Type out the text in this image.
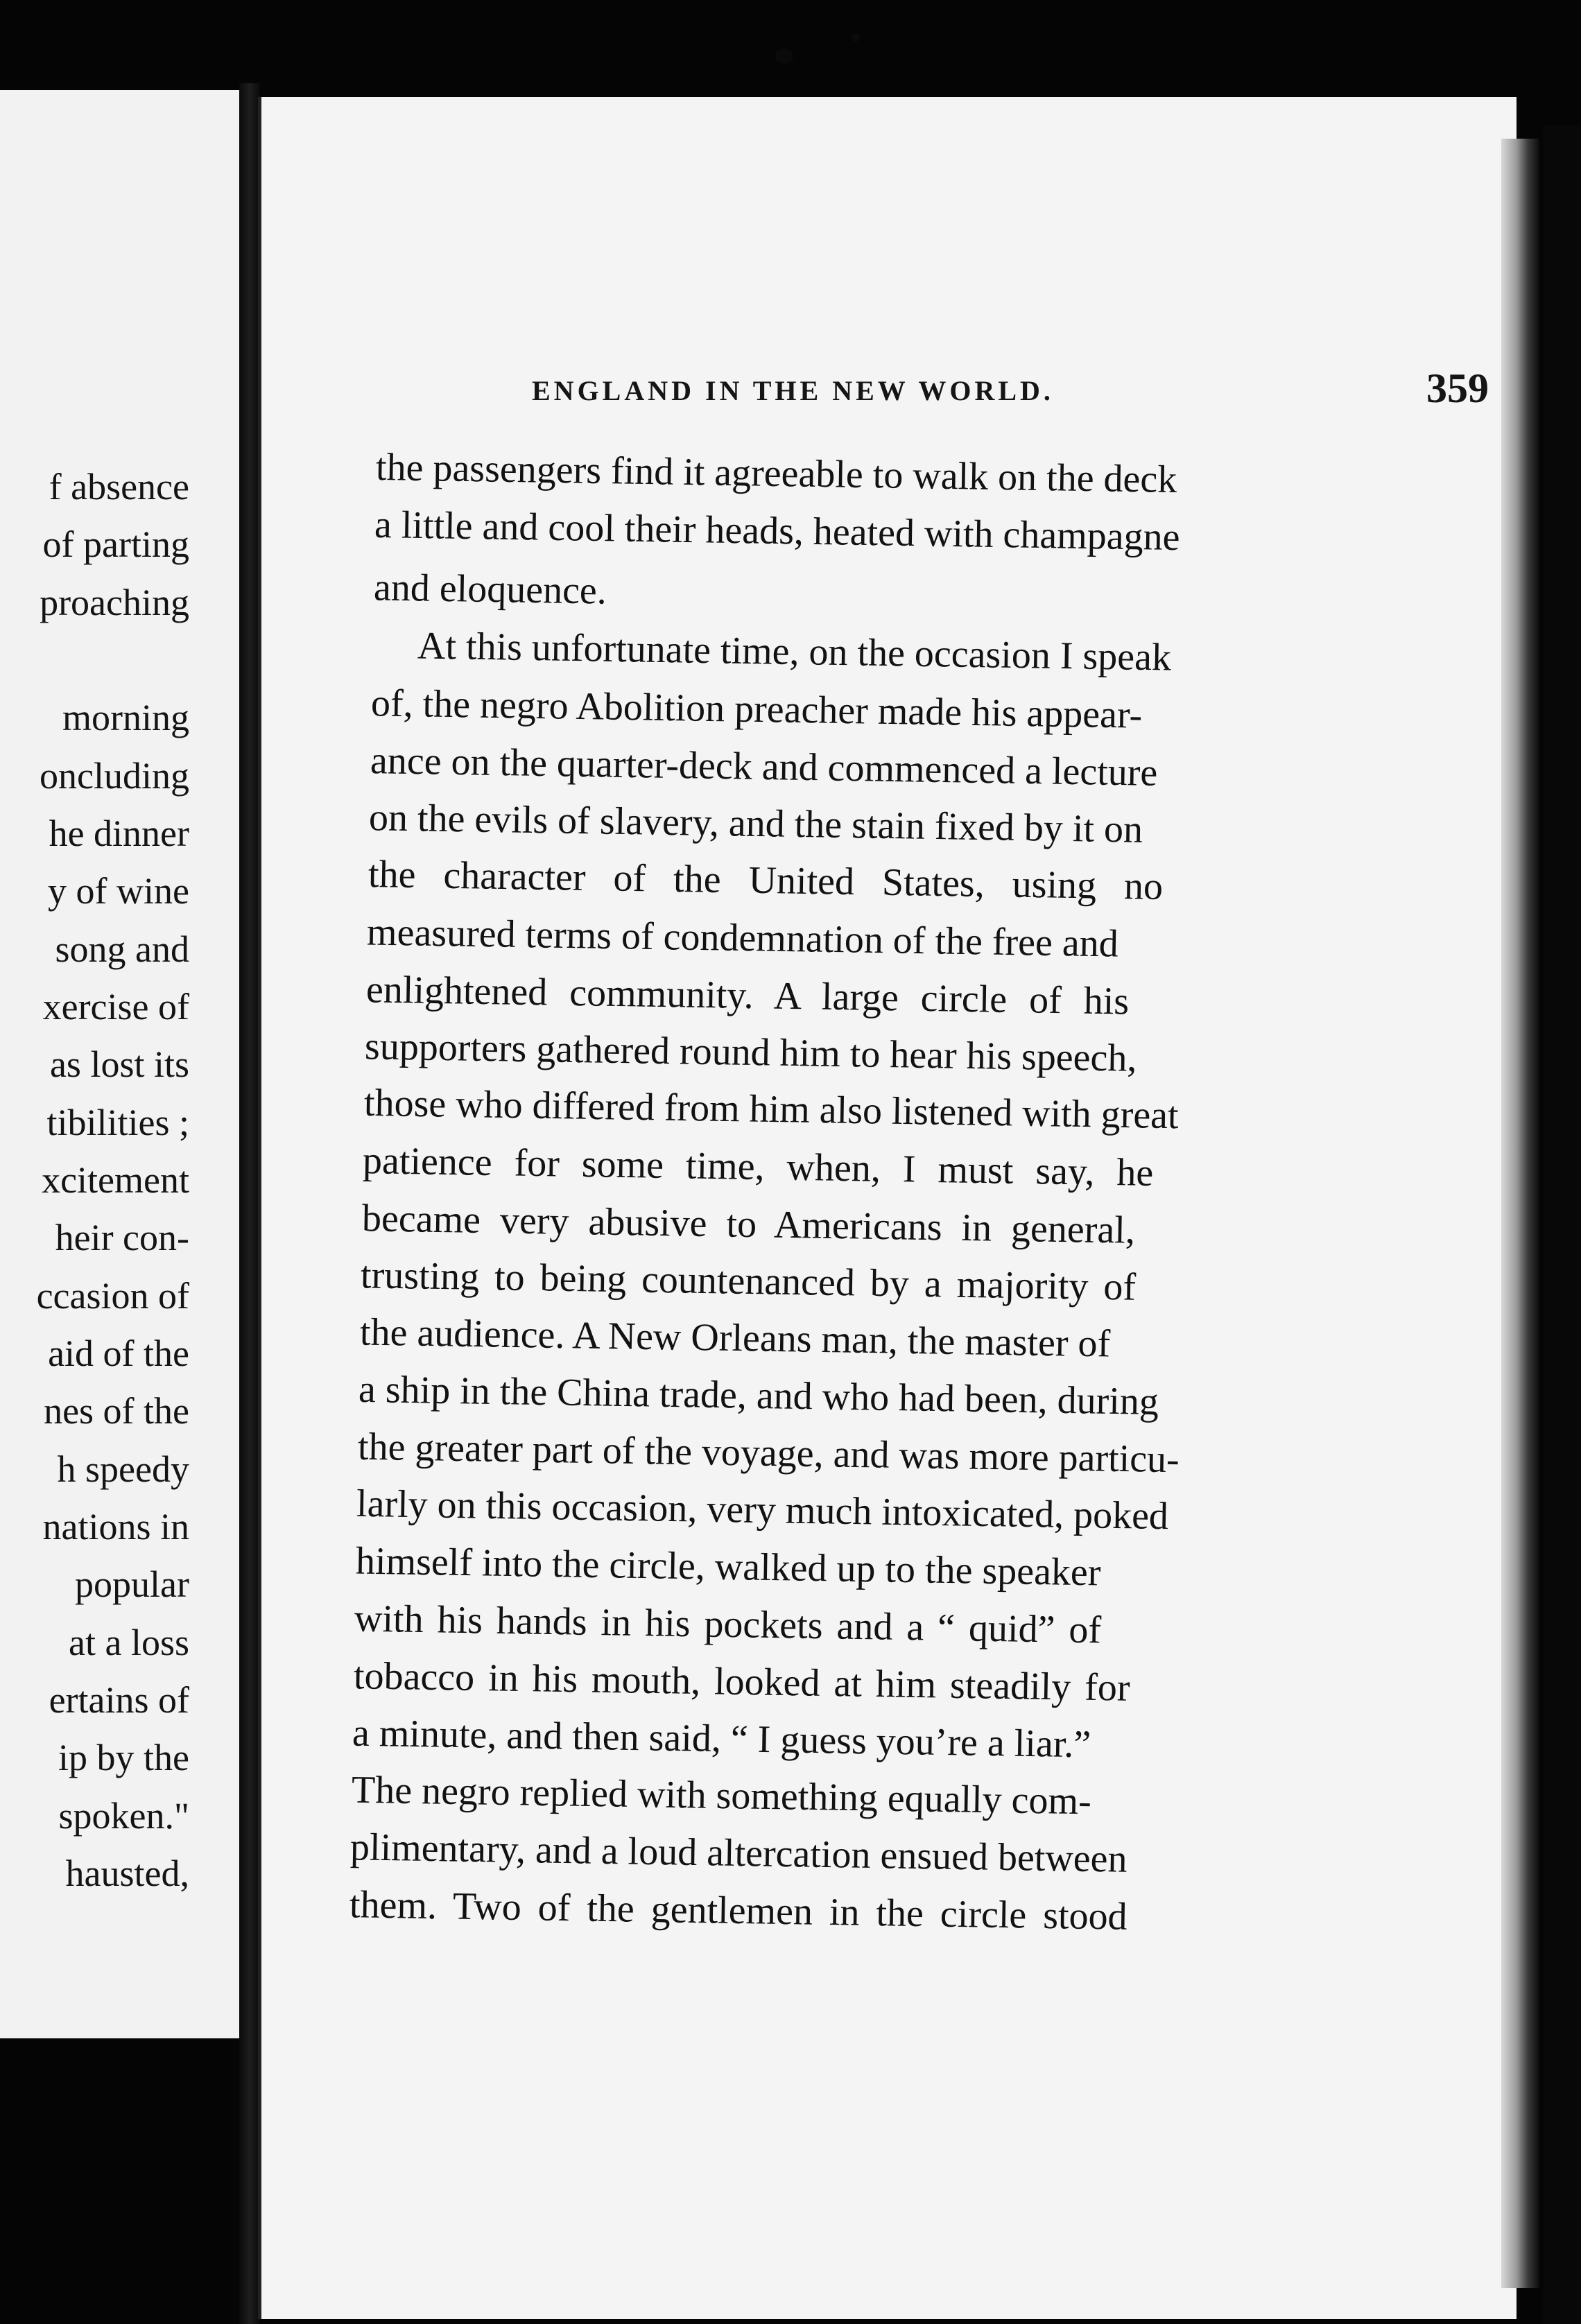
f absence
of parting
proaching
morning
oncluding
he dinner
y of wine
song and
xercise of
as lost its
tibilities ;
xcitement
heir con-
ccasion of
aid of the
nes of the
h speedy
nations in
popular
at a loss
ertains of
ip by the
spoken."
hausted,
ENGLAND IN THE NEW WORLD.	359
the passengers find it agreeable to walk on the deck
a little and cool their heads, heated with champagne
and eloquence.
At this unfortunate time, on the occasion I speak
of, the negro Abolition preacher made his appear-
ance on the quarter-deck and commenced a lecture
on the evils of slavery, and the stain fixed by it on
the character of the United States, using no
measured terms of condemnation of the free and
enlightened community. A large circle of his
supporters gathered round him to hear his speech,
those who differed from him also listened with great
patience for some time, when, I must say, he
became very abusive to Americans in general,
trusting to being countenanced by a majority of
the audience. A New Orleans man, the master of
a ship in the China trade, and who had been, during
the greater part of the voyage, and was more particu-
larly on this occasion, very much intoxicated, poked
himself into the circle, walked up to the speaker
with his hands in his pockets and a “ quid” of
tobacco in his mouth, looked at him steadily for
a minute, and then said, “ I guess you’re a liar.”
The negro replied with something equally com-
plimentary, and a loud altercation ensued between
them. Two of the gentlemen in the circle stood
